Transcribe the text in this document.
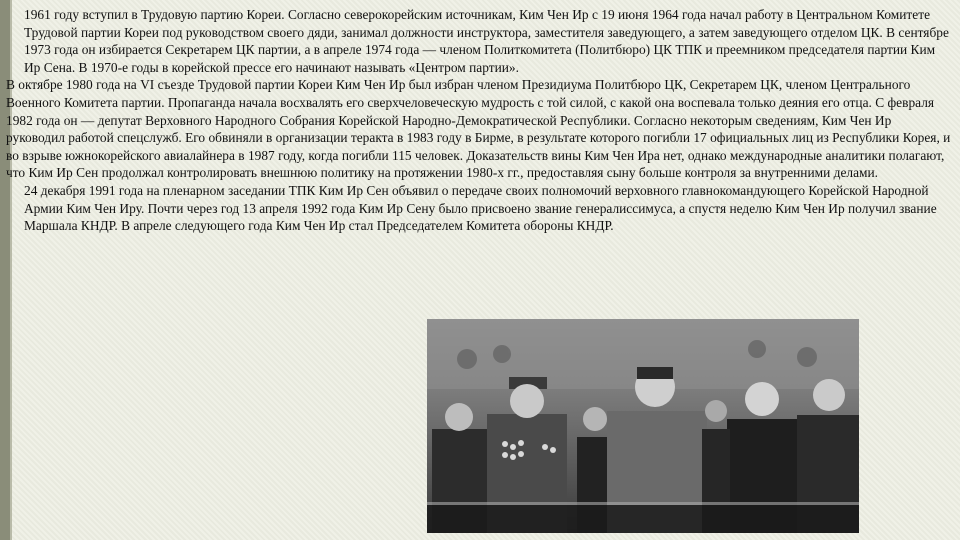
1961 году вступил в Трудовую партию Кореи. Согласно северокорейским источникам, Ким Чен Ир с 19 июня 1964 года начал работу в Центральном Комитете Трудовой партии Кореи под руководством своего дяди, занимал должности инструктора, заместителя заведующего, а затем заведующего отделом ЦК. В сентябре 1973 года он избирается Секретарем ЦК партии, а в апреле 1974 года — членом Политкомитета (Политбюро) ЦК ТПК и преемником председателя партии Ким Ир Сена. В 1970-е годы в корейской прессе его начинают называть «Центром партии».

В октябре 1980 года на VI съезде Трудовой партии Кореи Ким Чен Ир был избран членом Президиума Политбюро ЦК, Секретарем ЦК, членом Центрального Военного Комитета партии. Пропаганда начала восхвалять его сверхчеловеческую мудрость с той силой, с какой она воспевала только деяния его отца. С февраля 1982 года он — депутат Верховного Народного Собрания Корейской Народно-Демократической Республики. Согласно некоторым сведениям, Ким Чен Ир руководил работой спецслужб. Его обвиняли в организации теракта в 1983 году в Бирме, в результате которого погибли 17 официальных лиц из Республики Корея, и во взрыве южнокорейского авиалайнера в 1987 году, когда погибли 115 человек. Доказательств вины Ким Чен Ира нет, однако международные аналитики полагают, что Ким Ир Сен продолжал контролировать внешнюю политику на протяжении 1980-х гг., предоставляя сыну больше контроля за внутренними делами.

24 декабря 1991 года на пленарном заседании ТПК Ким Ир Сен объявил о передаче своих полномочий верховного главнокомандующего Корейской Народной Армии Ким Чен Иру. Почти через год 13 апреля 1992 года Ким Ир Сену было присвоено звание генералиссимуса, а спустя неделю Ким Чен Ир получил звание Маршала КНДР. В апреле следующего года Ким Чен Ир стал Председателем Комитета обороны КНДР.
